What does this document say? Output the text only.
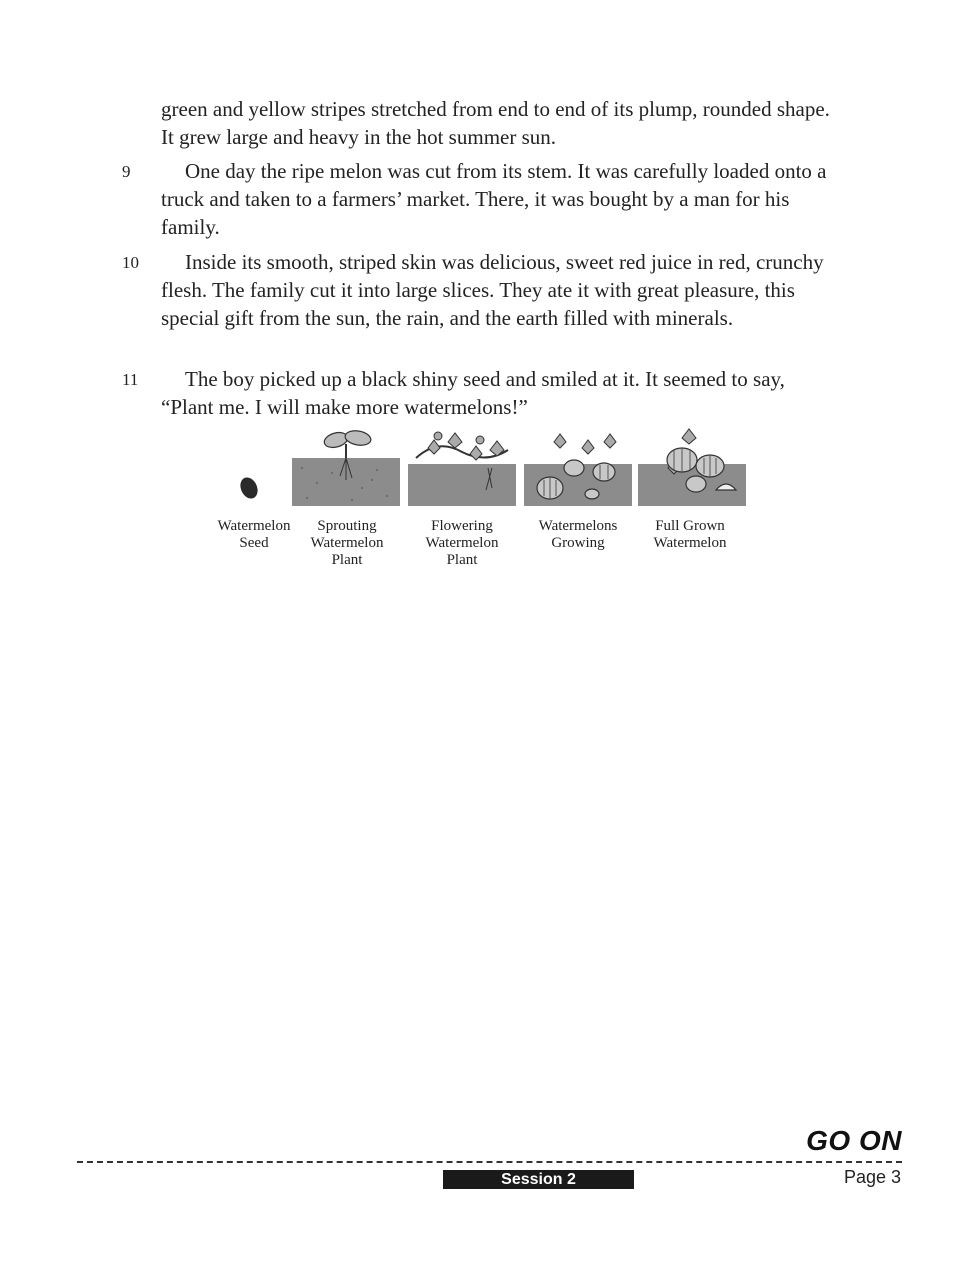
green and yellow stripes stretched from end to end of its plump, rounded shape. It grew large and heavy in the hot summer sun.
9	One day the ripe melon was cut from its stem. It was carefully loaded onto a truck and taken to a farmers’ market. There, it was bought by a man for his family.
10	Inside its smooth, striped skin was delicious, sweet red juice in red, crunchy flesh. The family cut it into large slices. They ate it with great pleasure, this special gift from the sun, the rain, and the earth filled with minerals.
11	The boy picked up a black shiny seed and smiled at it. It seemed to say, “Plant me. I will make more watermelons!”
Watermelon
Seed
Sprouting
Watermelon
Plant
Flowering
Watermelon
Plant
Watermelons
Growing
Full Grown
Watermelon
GO ON
Session 2	Page 3
